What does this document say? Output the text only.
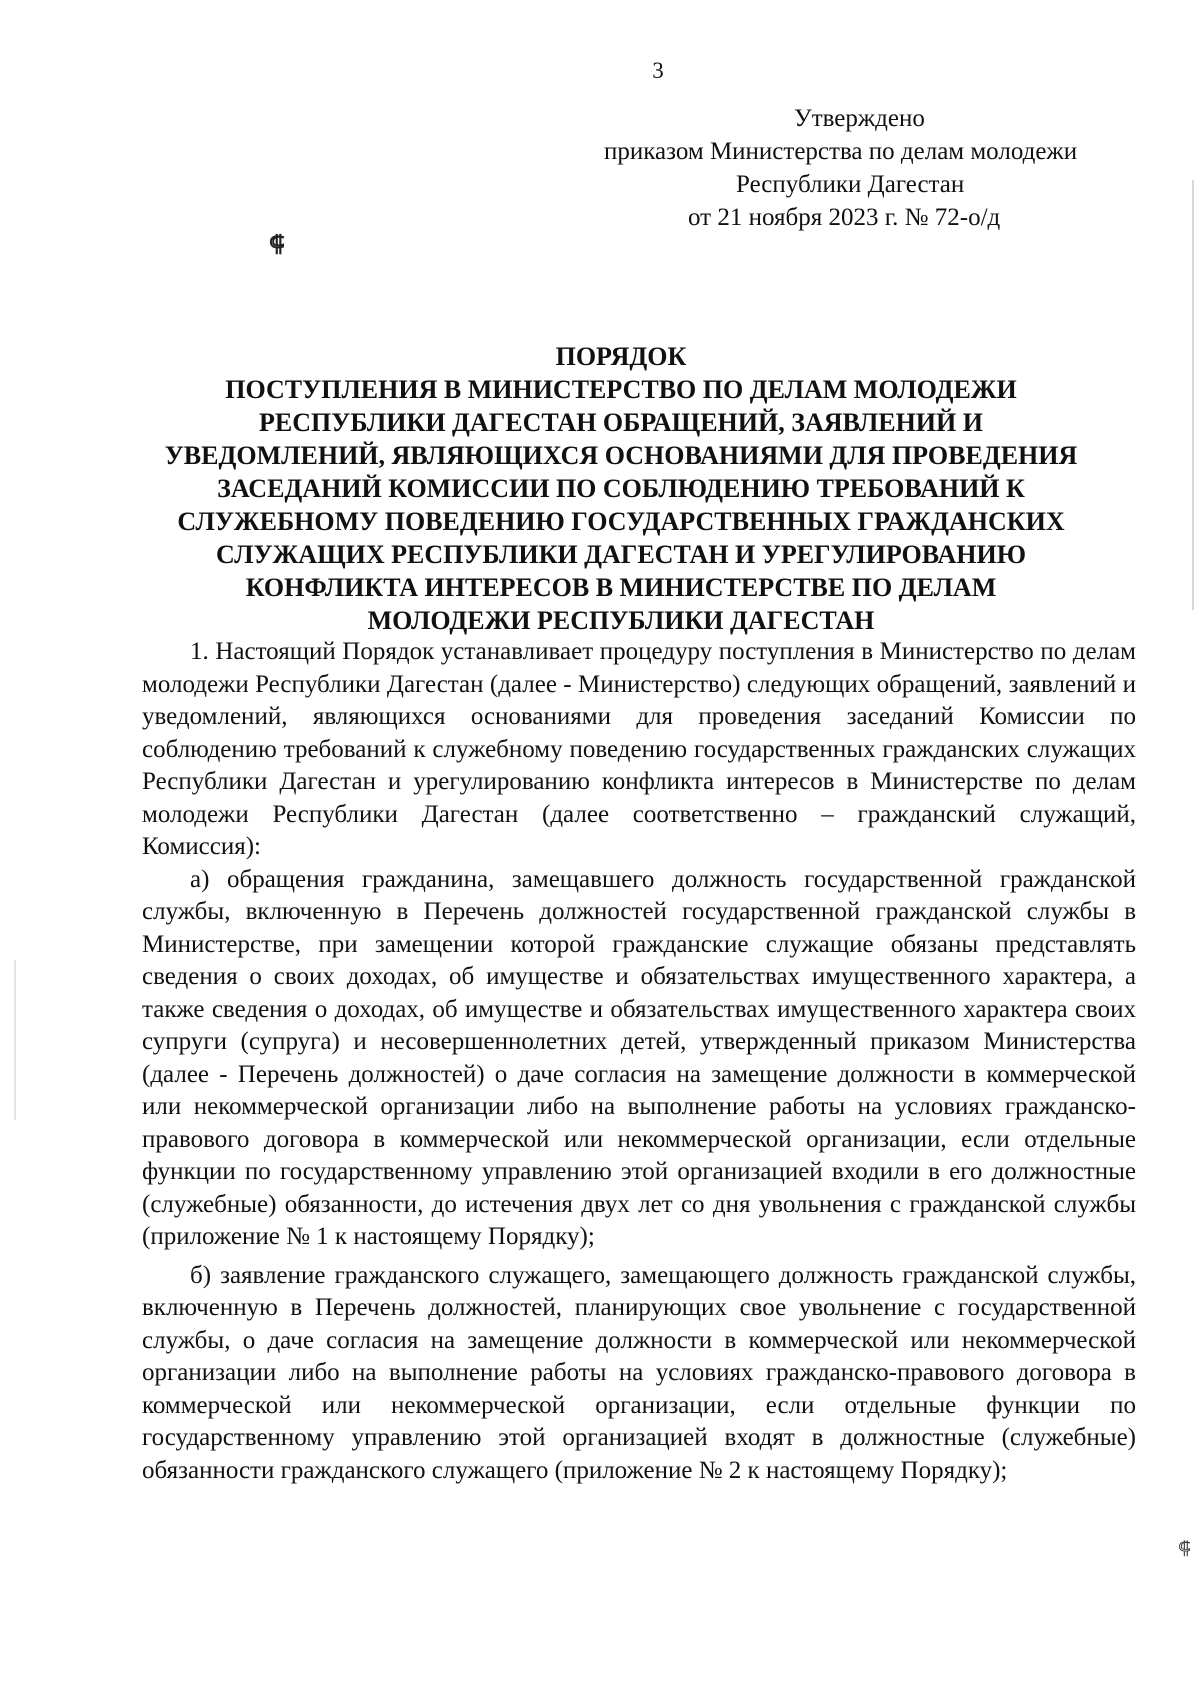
3
Утверждено
приказом Министерства по делам молодежи
Республики Дагестан
от 21 ноября 2023 г. № 72-о/д
⸿
⸿
ПОРЯДОК
ПОСТУПЛЕНИЯ В МИНИСТЕРСТВО ПО ДЕЛАМ МОЛОДЕЖИ
РЕСПУБЛИКИ ДАГЕСТАН ОБРАЩЕНИЙ, ЗАЯВЛЕНИЙ И
УВЕДОМЛЕНИЙ, ЯВЛЯЮЩИХСЯ ОСНОВАНИЯМИ ДЛЯ ПРОВЕДЕНИЯ
ЗАСЕДАНИЙ КОМИССИИ ПО СОБЛЮДЕНИЮ ТРЕБОВАНИЙ К
СЛУЖЕБНОМУ ПОВЕДЕНИЮ ГОСУДАРСТВЕННЫХ ГРАЖДАНСКИХ
СЛУЖАЩИХ РЕСПУБЛИКИ ДАГЕСТАН И УРЕГУЛИРОВАНИЮ
КОНФЛИКТА ИНТЕРЕСОВ В МИНИСТЕРСТВЕ ПО ДЕЛАМ
МОЛОДЕЖИ РЕСПУБЛИКИ ДАГЕСТАН

1. Настоящий Порядок устанавливает процедуру поступления в Министерство по делам молодежи Республики Дагестан (далее - Министерство) следующих обращений, заявлений и уведомлений, являющихся основаниями для проведения заседаний Комиссии по соблюдению требований к служебному поведению государственных гражданских служащих Республики Дагестан и урегулированию конфликта интересов в Министерстве по делам молодежи Республики Дагестан (далее соответственно – гражданский служащий, Комиссия):

а) обращения гражданина, замещавшего должность государственной гражданской службы, включенную в Перечень должностей государственной гражданской службы в Министерстве, при замещении которой гражданские служащие обязаны представлять сведения о своих доходах, об имуществе и обязательствах имущественного характера, а также сведения о доходах, об имуществе и обязательствах имущественного характера своих супруги (супруга) и несовершеннолетних детей, утвержденный приказом Министерства (далее - Перечень должностей) о даче согласия на замещение должности в коммерческой или некоммерческой организации либо на выполнение работы на условиях гражданско-правового договора в коммерческой или некоммерческой организации, если отдельные функции по государственному управлению этой организацией входили в его должностные (служебные) обязанности, до истечения двух лет со дня увольнения с гражданской службы (приложение № 1 к настоящему Порядку);

б) заявление гражданского служащего, замещающего должность гражданской службы, включенную в Перечень должностей, планирующих свое увольнение с государственной службы, о даче согласия на замещение должности в коммерческой или некоммерческой организации либо на выполнение работы на условиях гражданско-правового договора в коммерческой или некоммерческой организации, если отдельные функции по государственному управлению этой организацией входят в должностные (служебные) обязанности гражданского служащего (приложение № 2 к настоящему Порядку);
